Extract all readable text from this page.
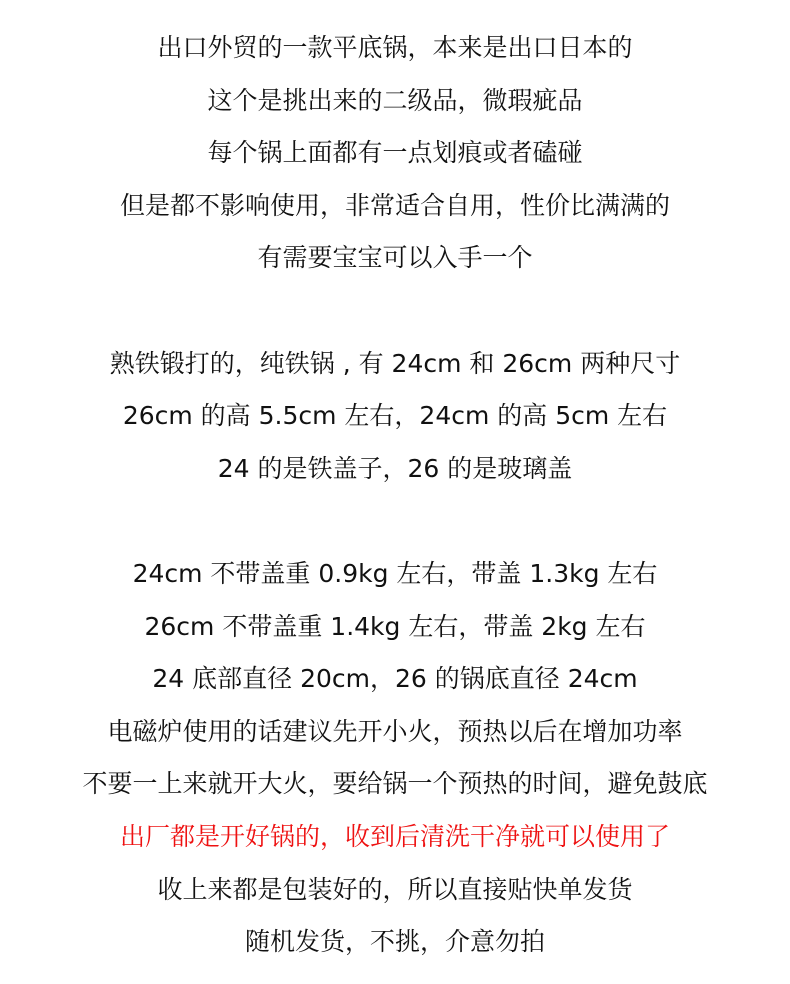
出口外贸的一款平底锅，本来是出口日本的
这个是挑出来的二级品，微瑕疵品
每个锅上面都有一点划痕或者磕碰
但是都不影响使用，非常适合自用，性价比满满的
有需要宝宝可以入手一个
熟铁锻打的，纯铁锅 , 有 24cm 和 26cm 两种尺寸
26cm 的高 5.5cm 左右，24cm 的高 5cm 左右
24 的是铁盖子，26 的是玻璃盖
24cm 不带盖重 0.9kg 左右，带盖 1.3kg 左右
26cm 不带盖重 1.4kg 左右，带盖 2kg 左右
24 底部直径 20cm，26 的锅底直径 24cm
电磁炉使用的话建议先开小火，预热以后在增加功率
不要一上来就开大火，要给锅一个预热的时间，避免鼓底
出厂都是开好锅的，收到后清洗干净就可以使用了
收上来都是包装好的，所以直接贴快单发货
随机发货，不挑，介意勿拍
